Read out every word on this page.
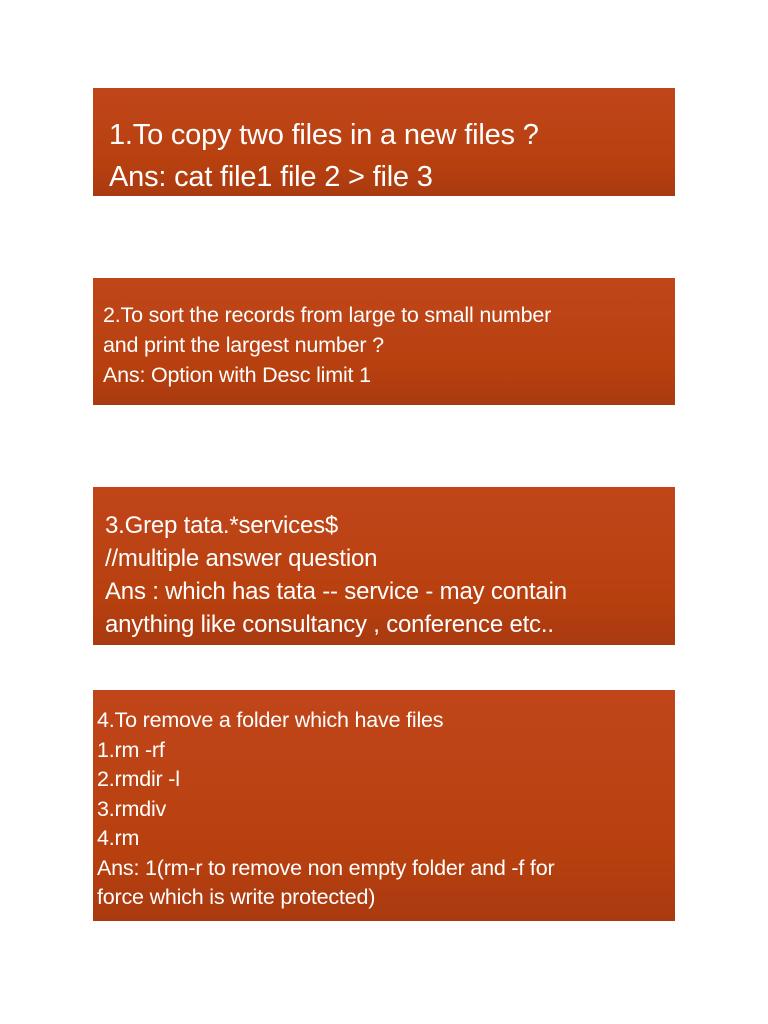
1.To copy two files in a new files ?
Ans: cat file1 file 2 > file 3
2.To sort the records from large to small number
and print the largest number ?
Ans: Option with Desc limit 1
3.Grep tata.*services$
//multiple answer question
Ans : which has tata -- service - may contain
anything like consultancy , conference etc..
4.To remove a folder which have files
1.rm -rf
2.rmdir -l
3.rmdiv
4.rm
Ans: 1(rm-r to remove non empty folder and -f for
force which is write protected)
